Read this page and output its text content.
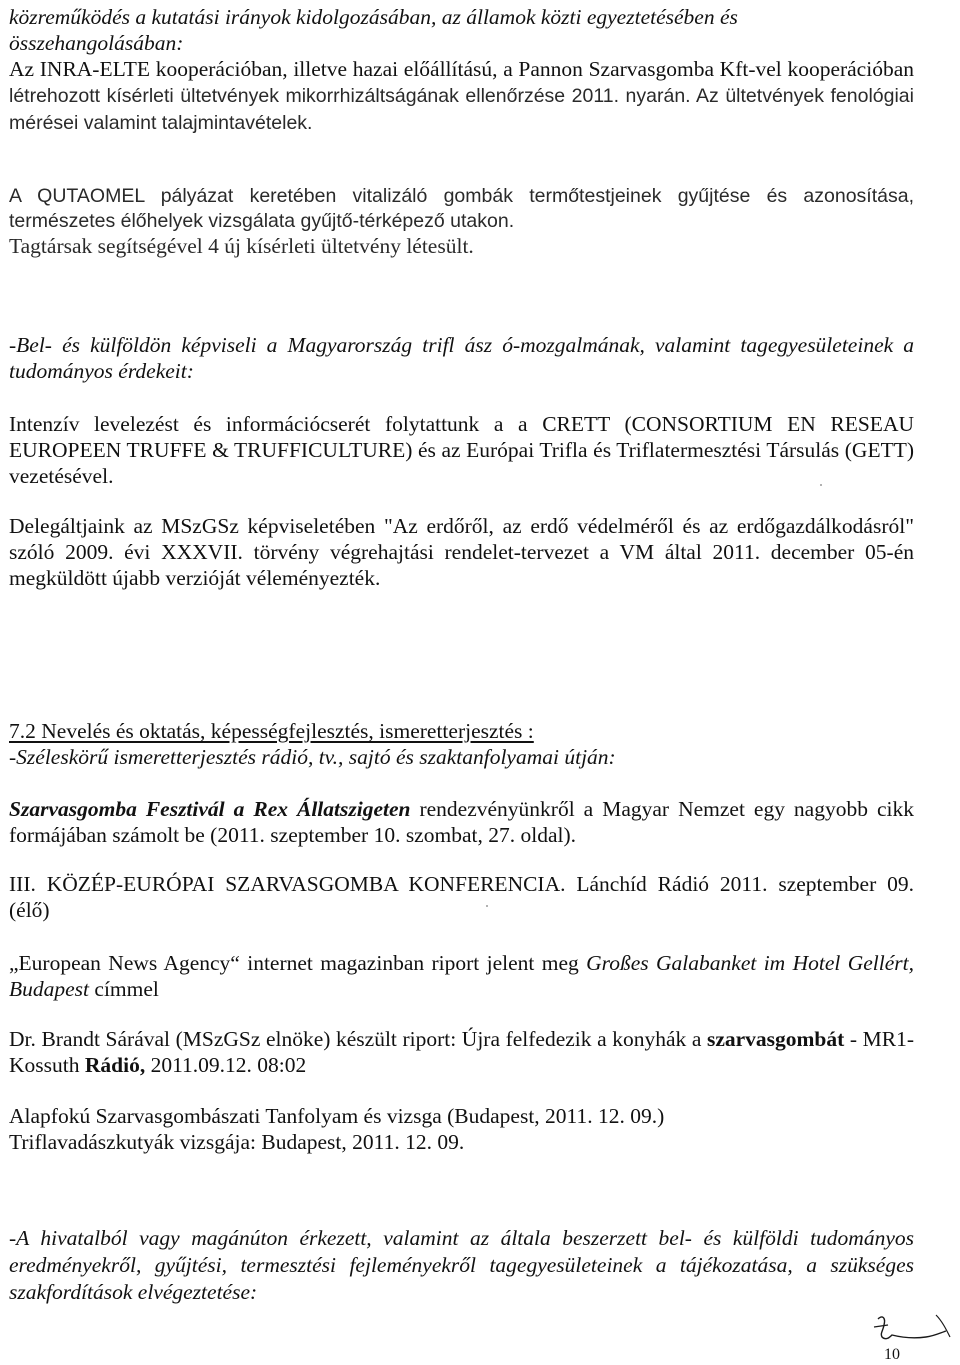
közreműködés a kutatási irányok kidolgozásában, az államok közti egyeztetésében és
összehangolásában:

Az INRA-ELTE kooperációban, illetve hazai előállítású, a Pannon Szarvasgomba Kft-vel kooperációban létrehozott kísérleti ültetvények mikorrhizáltságának ellenőrzése 2011. nyarán. Az ültetvények fenológiai mérései valamint talajmintavételek.

A QUTAOMEL pályázat keretében vitalizáló gombák termőtestjeinek gyűjtése és azonosítása, természetes élőhelyek vizsgálata gyűjtő-térképező utakon.
Tagtársak segítségével 4 új kísérleti ültetvény létesült.

-Bel- és külföldön képviseli a Magyarország trifl ász ó-mozgalmának, valamint tagegyesületeinek a tudományos érdekeit:

Intenzív levelezést és információcserét folytattunk a a CRETT (CONSORTIUM EN RESEAU EUROPEEN TRUFFE & TRUFFICULTURE) és az Európai Trifla és Triflatermesztési Társulás (GETT) vezetésével.

Delegáltjaink az MSzGSz képviseletében "Az erdőről, az erdő védelméről és az erdőgazdálkodásról" szóló 2009. évi XXXVII. törvény végrehajtási rendelet-tervezet a VM által 2011. december 05-én megküldött újabb verzióját véleményezték.

7.2 Nevelés és oktatás, képességfejlesztés, ismeretterjesztés :
-Széleskörű ismeretterjesztés rádió, tv., sajtó és szaktanfolyamai útján:

Szarvasgomba Fesztivál a Rex Állatszigeten rendezvényünkről a Magyar Nemzet egy nagyobb cikk formájában számolt be (2011. szeptember 10. szombat, 27. oldal).

III. KÖZÉP-EURÓPAI SZARVASGOMBA KONFERENCIA. Lánchíd Rádió 2011. szeptember 09. (élő)

„European News Agency“ internet magazinban riport jelent meg Großes Galabanket im Hotel Gellért, Budapest címmel

Dr. Brandt Sárával (MSzGSz elnöke) készült riport: Újra felfedezik a konyhák a szarvasgombát - MR1-Kossuth Rádió, 2011.09.12. 08:02

Alapfokú Szarvasgombászati Tanfolyam és vizsga (Budapest, 2011. 12. 09.)
Triflavadászkutyák vizsgája: Budapest, 2011. 12. 09.

-A hivatalból vagy magánúton érkezett, valamint az általa beszerzett bel- és külföldi tudományos eredményekről, gyűjtési, termesztési fejleményekről tagegyesületeinek a tájékozatása, a szükséges szakfordítások elvégeztetése:

10
